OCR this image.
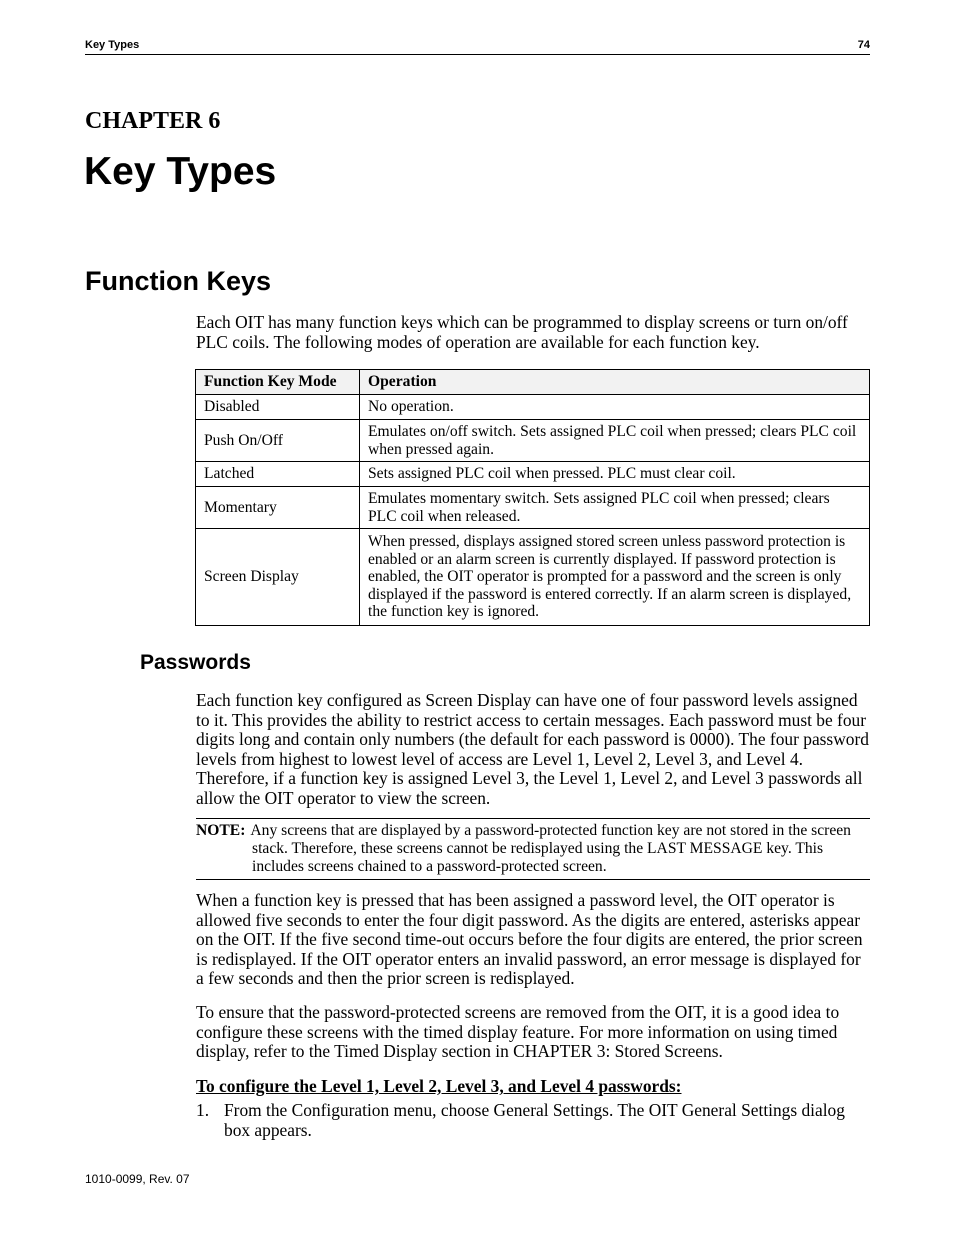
Key Types	74
CHAPTER 6
Key Types
Function Keys

Each OIT has many function keys which can be programmed to display screens or turn on/off PLC coils. The following modes of operation are available for each function key.

Function Key Mode	Operation
Disabled	No operation.
Push On/Off	Emulates on/off switch. Sets assigned PLC coil when pressed; clears PLC coil when pressed again.
Latched	Sets assigned PLC coil when pressed. PLC must clear coil.
Momentary	Emulates momentary switch. Sets assigned PLC coil when pressed; clears PLC coil when released.
Screen Display	When pressed, displays assigned stored screen unless password protection is enabled or an alarm screen is currently displayed. If password protection is enabled, the OIT operator is prompted for a password and the screen is only displayed if the password is entered correctly. If an alarm screen is displayed, the function key is ignored.
Passwords

Each function key configured as Screen Display can have one of four password levels assigned to it. This provides the ability to restrict access to certain messages. Each password must be four digits long and contain only numbers (the default for each password is 0000). The four password levels from highest to lowest level of access are Level 1, Level 2, Level 3, and Level 4. Therefore, if a function key is assigned Level 3, the Level 1, Level 2, and Level 3 passwords all allow the OIT operator to view the screen.

NOTE: Any screens that are displayed by a password-protected function key are not stored in the screen stack. Therefore, these screens cannot be redisplayed using the LAST MESSAGE key. This includes screens chained to a password-protected screen.

When a function key is pressed that has been assigned a password level, the OIT operator is allowed five seconds to enter the four digit password. As the digits are entered, asterisks appear on the OIT. If the five second time-out occurs before the four digits are entered, the prior screen is redisplayed. If the OIT operator enters an invalid password, an error message is displayed for a few seconds and then the prior screen is redisplayed.

To ensure that the password-protected screens are removed from the OIT, it is a good idea to configure these screens with the timed display feature. For more information on using timed display, refer to the Timed Display section in CHAPTER 3: Stored Screens.

To configure the Level 1, Level 2, Level 3, and Level 4 passwords:

1. From the Configuration menu, choose General Settings. The OIT General Settings dialog box appears.
1010-0099, Rev. 07
